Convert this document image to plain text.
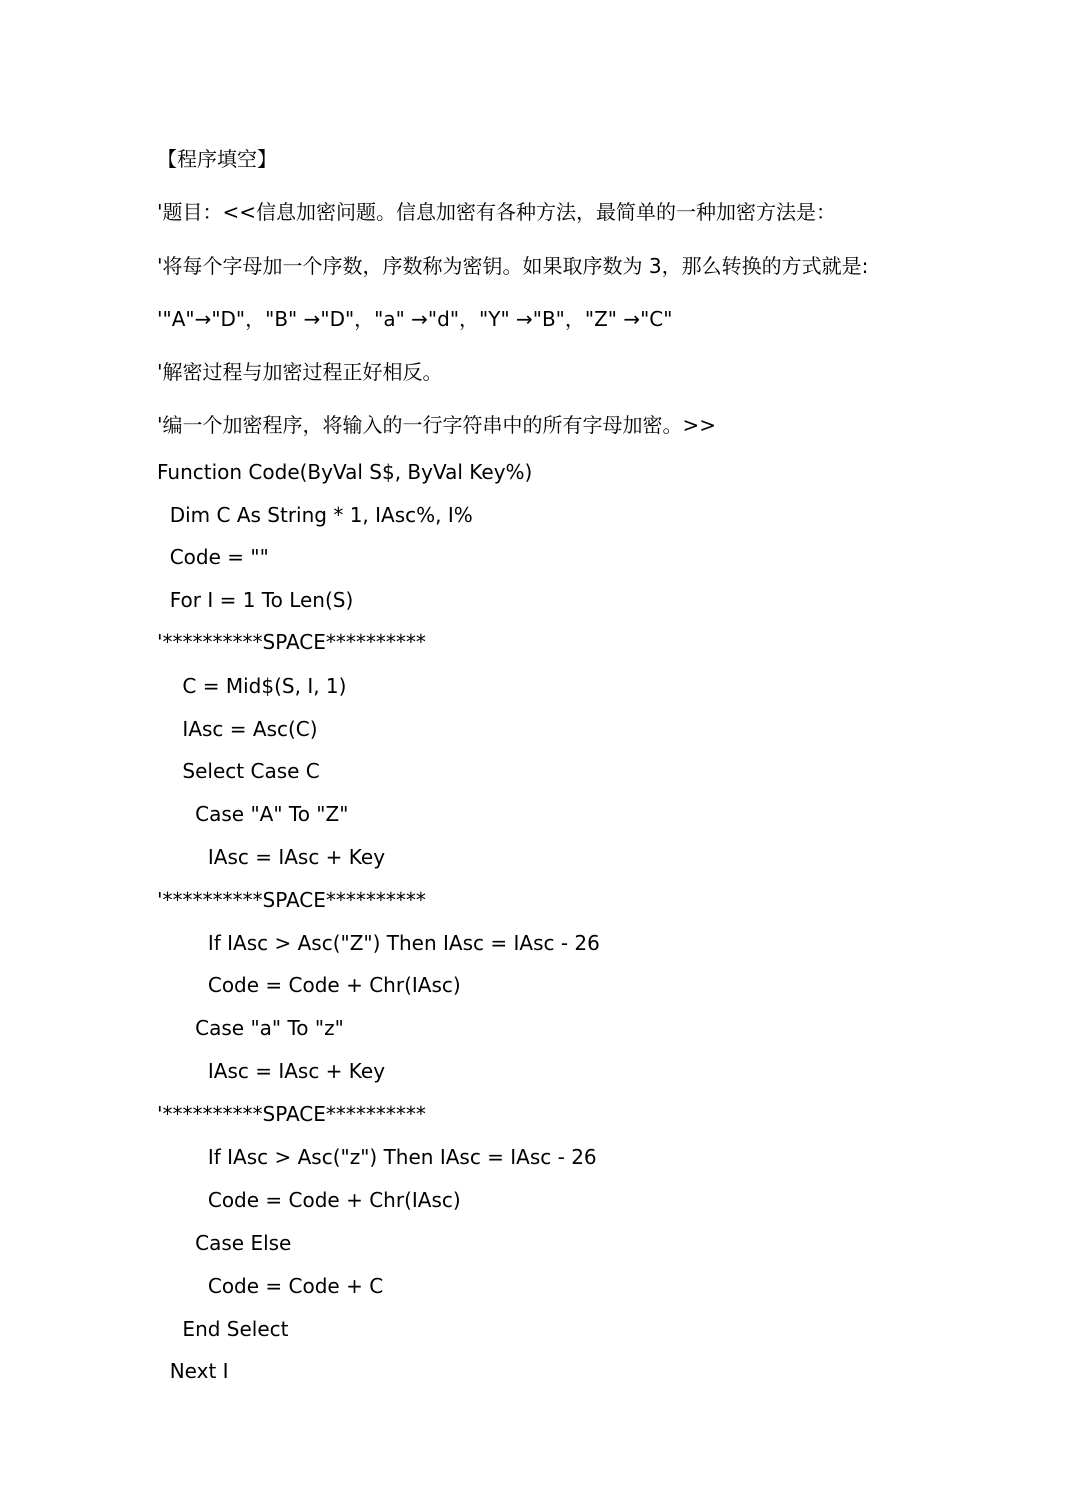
【程序填空】
'题目：<<信息加密问题。信息加密有各种方法，最简单的一种加密方法是：
'将每个字母加一个序数，序数称为密钥。如果取序数为 3，那么转换的方式就是:
'"A"→"D"，"B" →"D"，"a" →"d"，"Y" →"B"，"Z" →"C"
'解密过程与加密过程正好相反。
'编一个加密程序，将输入的一行字符串中的所有字母加密。>>
Function Code(ByVal S$, ByVal Key%)
Dim C As String * 1, IAsc%, I%
Code = ""
For I = 1 To Len(S)
'**********SPACE**********
C = Mid$(S, I, 1)
IAsc = Asc(C)
Select Case C
Case "A" To "Z"
IAsc = IAsc + Key
'**********SPACE**********
If IAsc > Asc("Z") Then IAsc = IAsc - 26
Code = Code + Chr(IAsc)
Case "a" To "z"
IAsc = IAsc + Key
'**********SPACE**********
If IAsc > Asc("z") Then IAsc = IAsc - 26
Code = Code + Chr(IAsc)
Case Else
Code = Code + C
End Select
Next I
